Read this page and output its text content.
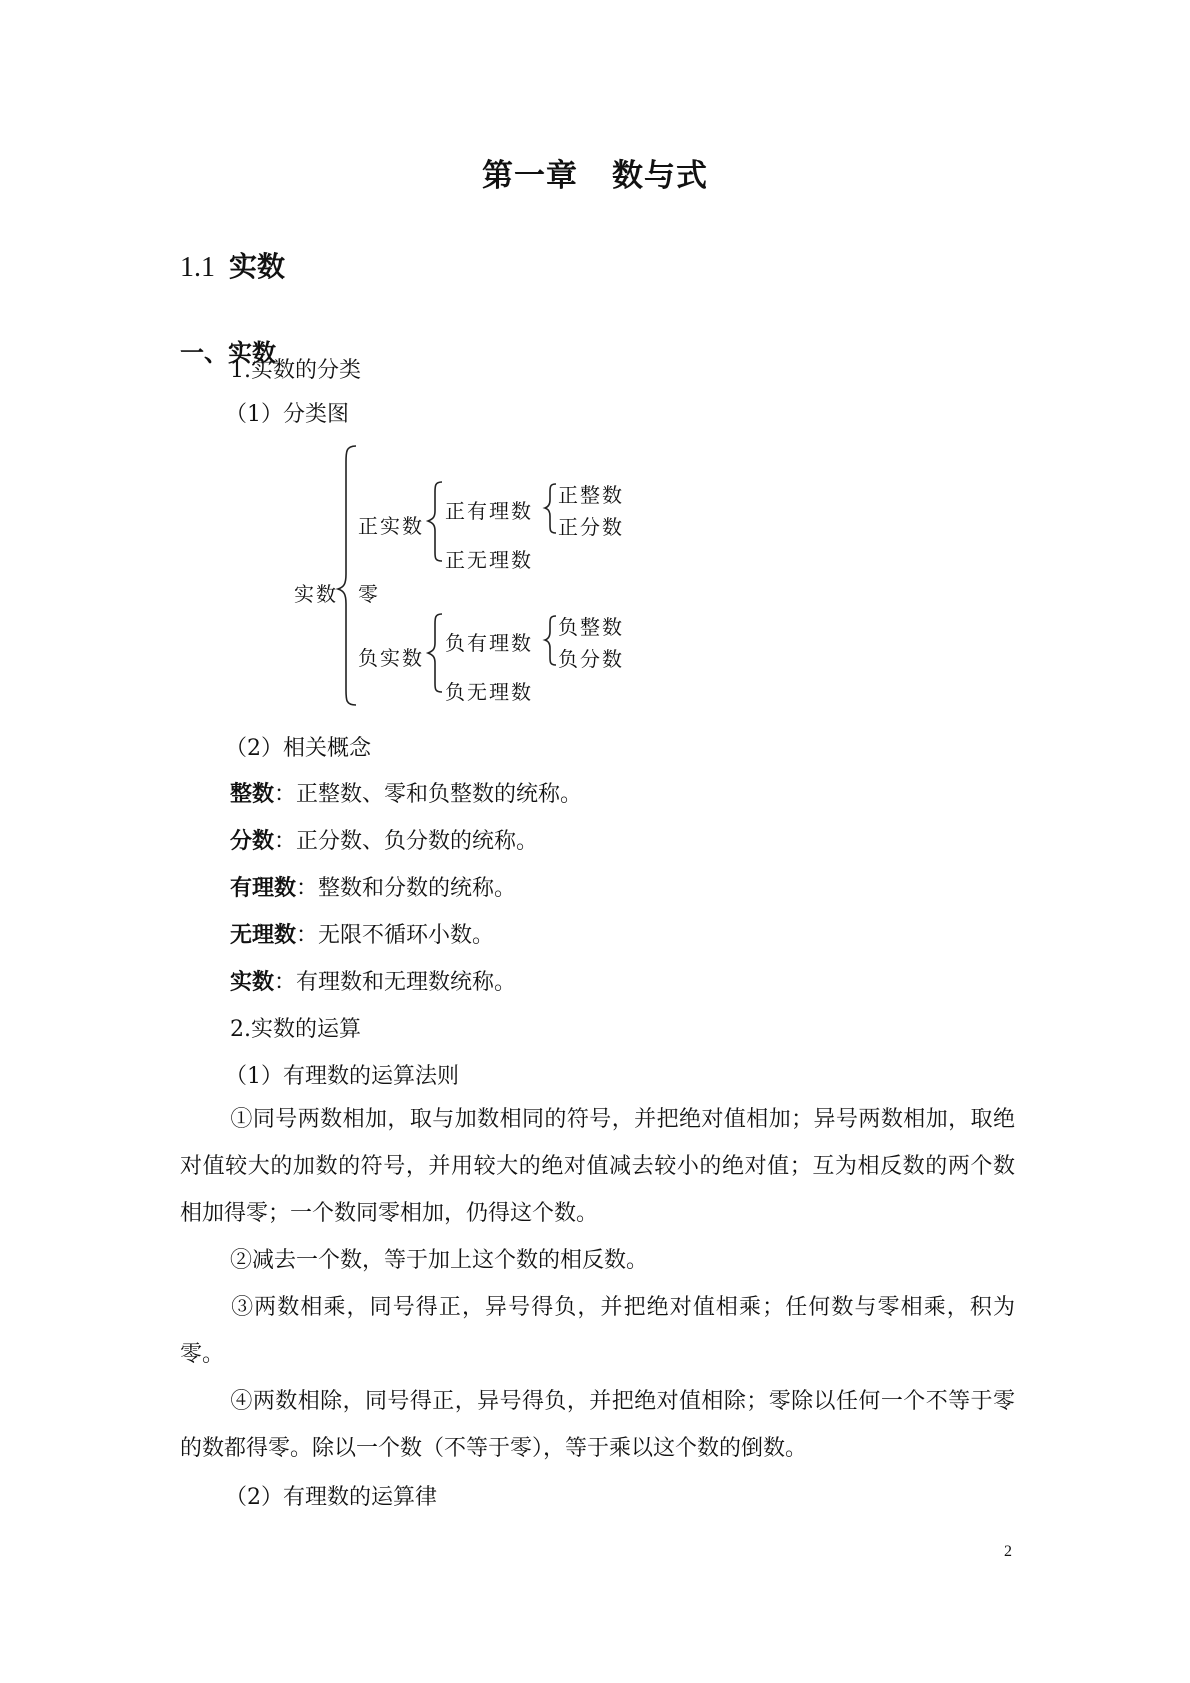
第一章 数与式
1.1 实数
一、实数
1.实数的分类
（1）分类图
实数
正实数
零
负实数
正有理数
正无理数
负有理数
负无理数
正整数
正分数
负整数
负分数
（2）相关概念
整数：正整数、零和负整数的统称。
分数：正分数、负分数的统称。
有理数：整数和分数的统称。
无理数：无限不循环小数。
实数：有理数和无理数统称。
2.实数的运算
（1）有理数的运算法则
①同号两数相加，取与加数相同的符号，并把绝对值相加；异号两数相加，取绝对值较大的加数的符号，并用较大的绝对值减去较小的绝对值；互为相反数的两个数相加得零；一个数同零相加，仍得这个数。
②减去一个数，等于加上这个数的相反数。
③两数相乘，同号得正，异号得负，并把绝对值相乘；任何数与零相乘，积为零。
④两数相除，同号得正，异号得负，并把绝对值相除；零除以任何一个不等于零的数都得零。除以一个数（不等于零），等于乘以这个数的倒数。
（2）有理数的运算律
2
